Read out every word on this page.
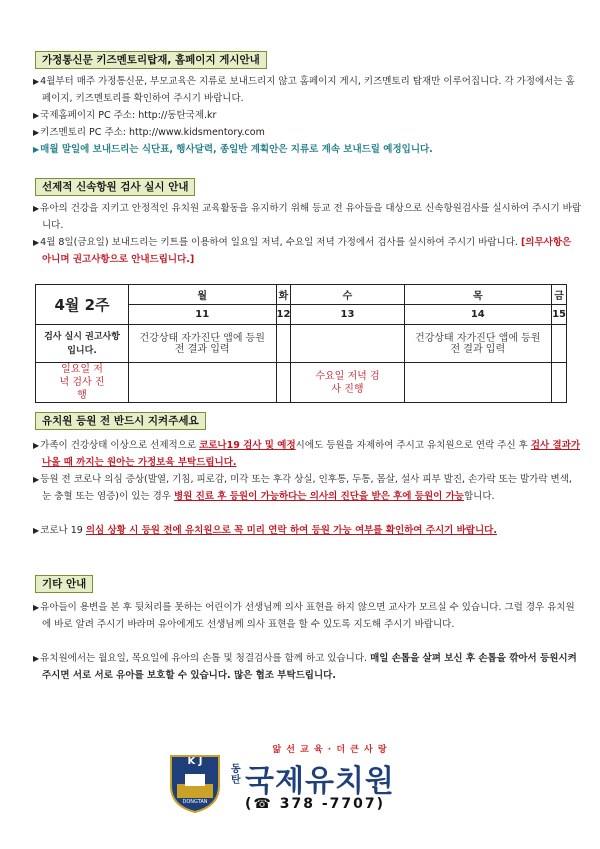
가정통신문 키즈멘토리탑재, 홈페이지 게시안내
▶ 4월부터 매주 가정통신문, 부모교육은 지류로 보내드리지 않고 홈페이지 게시, 키즈멘토리 탑재만 이루어집니다. 각 가정에서는 홈페이지, 키즈멘토리를 확인하여 주시기 바랍니다.
▶ 국제홈페이지 PC 주소: http://동탄국제.kr
▶ 키즈멘토리 PC 주소: http://www.kidsmentory.com
▶ 매월 말일에 보내드리는 식단표, 행사달력, 종일반 계획안은 지류로 계속 보내드릴 예정입니다.
선제적 신속항원 검사 실시 안내
▶ 유아의 건강을 지키고 안정적인 유치원 교육활동을 유지하기 위해 등교 전 유아들을 대상으로 신속항원검사를 실시하여 주시기 바랍니다.
▶ 4월 8일(금요일) 보내드리는 키트를 이용하여 일요일 저녁, 수요일 저녁 가정에서 검사를 실시하여 주시기 바랍니다. [의무사항은 아니며 권고사항으로 안내드립니다.]
4월 2주	월	화	수	목	금
	11	12	13	14	15
검사 실시 권고사항입니다.	건강상태 자가진단 앱에 등원 전 결과 입력			건강상태 자가진단 앱에 등원 전 결과 입력	
일요일 저녁 검사 진행			수요일 저녁 검사 진행		
유치원 등원 전 반드시 지켜주세요
▶ 가족이 건강상태 이상으로 선제적으로 코로나19 검사 및 예정시에도 등원을 자제하여 주시고 유치원으로 연락 주신 후 검사 결과가 나올 때 까지는 원아는 가정보육 부탁드립니다.
▶ 등원 전 코로나 의심 증상(발열, 기침, 피로감, 미각 또는 후각 상실, 인후통, 두통, 몸살, 설사 피부 발진, 손가락 또는 발가락 변색, 눈 충혈 또는 염증)이 있는 경우 병원 진료 후 등원이 가능하다는 의사의 진단을 받은 후에 등원이 가능합니다.
▶ 코로나 19 의심 상황 시 등원 전에 유치원으로 꼭 미리 연락 하여 등원 가능 여부를 확인하여 주시기 바랍니다.
기타 안내
▶ 유아들이 용변을 본 후 뒷처리를 못하는 어린이가 선생님께 의사 표현을 하지 않으면 교사가 모르실 수 있습니다. 그럴 경우 유치원에 바로 알려 주시기 바라며 유아에게도 선생님께 의사 표현을 할 수 있도록 지도해 주시기 바랍니다.
▶ 유치원에서는 월요일, 목요일에 유아의 손톱 및 청결검사를 함께 하고 있습니다. 매일 손톱을 살펴 보신 후 손톱을 깎아서 등원시켜 주시면 서로 서로 유아를 보호할 수 있습니다. 많은 협조 부탁드립니다.
앎 선 교 육 · 더 큰 사 랑
K J
DONGTAN
동탄 국제유치원
(☎ 378 -7707)
